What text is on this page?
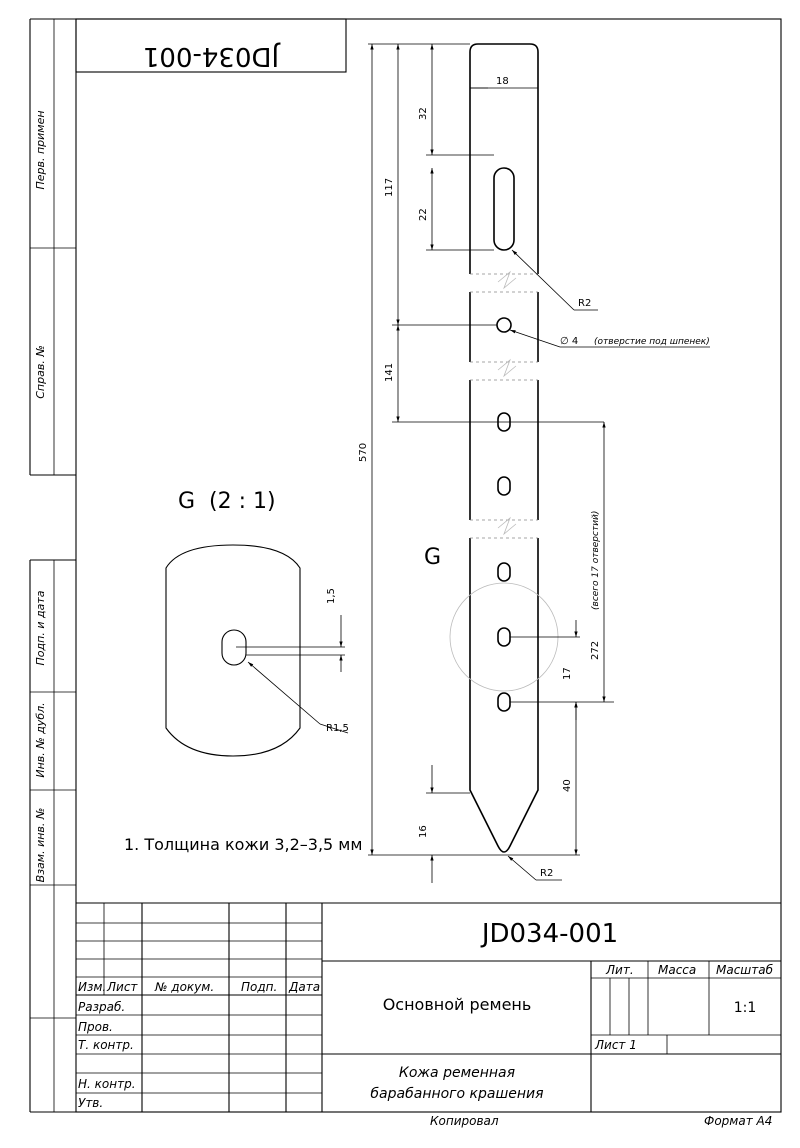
Перв. примен
Справ. №
Подп. и дата
Инв. № дубл.
Взам. инв. №
JD034-001
G  (2 : 1)
1,5
R1,5
1. Толщина кожи 3,2–3,5 мм
G
18
570
117
32
22
141
272
(всего 17 отверстий)
17
40
16
R2
∅ 4 (отверстие под шпенек)
R2
Изм. Лист № докум. Подп. Дата
Разраб.
Пров.
Т. контр.
Н. контр.
Утв.
JD034-001
Основной ремень
Кожа ременная
барабанного крашения
Лит. Масса Масштаб
1:1
Лист 1
Копировал	Формат А4
